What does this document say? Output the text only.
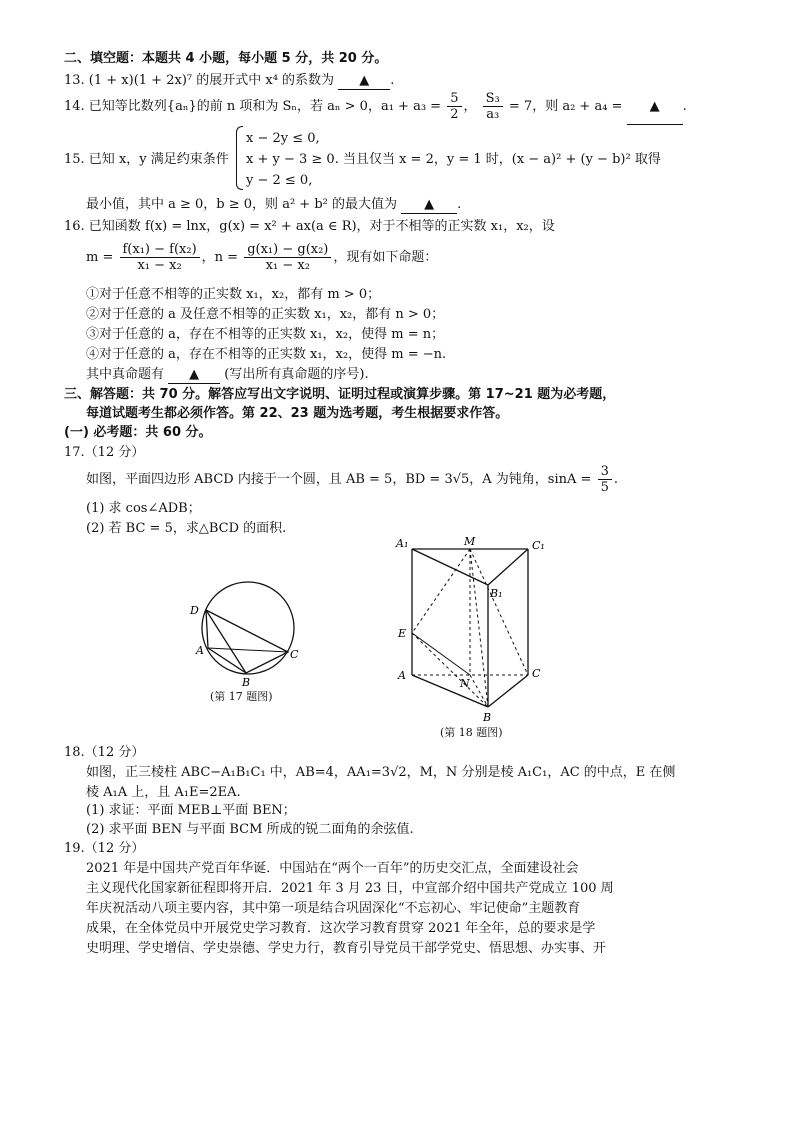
二、填空题：本题共 4 小题，每小题 5 分，共 20 分。
13. (1 + x)(1 + 2x)⁷ 的展开式中 x⁴ 的系数为 ▲ .
14. 已知等比数列{aₙ}的前 n 项和为 Sₙ，若 aₙ > 0，$a_1 + a_3 = \frac{5}{2}$ ， $\frac{\text{S₃}}{\text{a₃}} = 7$，则 a₂ + a₄ = ▲ .
x − 2y ≤ 0,
15. 已知 x，y 满足约束条件 x + y − 3 ≥ 0. 当且仅当 x = 2，y = 1 时，(x − a)² + (y − b)² 取得
y − 2 ≤ 0,
最小值，其中 a ≥ 0，b ≥ 0，则 a² + b² 的最大值为 ▲ .
16. 已知函数 f(x) = lnx，g(x) = x² + ax(a ∈ R)，对于不相等的正实数 x₁，x₂，设
$m = \frac{\text{f(x₁) − f(x₂)}}{\text{x₁ − x₂}}$ ，$n = \frac{\text{g(x₁) − g(x₂)}}{\text{x₁ − x₂}}$ ，现有如下命题：
①对于任意不相等的正实数 x₁，x₂，都有 m > 0；
②对于任意的 a 及任意不相等的正实数 x₁，x₂，都有 n > 0；
③对于任意的 a，存在不相等的正实数 x₁，x₂，使得 m = n；
④对于任意的 a，存在不相等的正实数 x₁，x₂，使得 m = −n.
其中真命题有 ▲ (写出所有真命题的序号).
三、解答题：共 70 分。解答应写出文字说明、证明过程或演算步骤。第 17~21 题为必考题，
每道试题考生都必须作答。第 22、23 题为选考题，考生根据要求作答。
(一) 必考题：共 60 分。
17.（12 分）
如图，平面四边形 ABCD 内接于一个圆，且 AB = 5，BD = 3√5，A 为钝角，$\sin A = \frac{3}{5}$ .
(1) 求 cos∠ADB；
(2) 若 BC = 5，求△BCD 的面积.
D
A
B
C
(第 17 题图)
A₁	M	C₁
B₁
E
A
N
C
B
(第 18 题图)
18.（12 分）
如图，正三棱柱 ABC−A₁B₁C₁ 中，AB=4，AA₁=3√2，M，N 分别是棱 A₁C₁，AC 的中点，E 在侧
棱 A₁A 上，且 A₁E=2EA.
(1) 求证：平面 MEB⊥平面 BEN；
(2) 求平面 BEN 与平面 BCM 所成的锐二面角的余弦值.
19.（12 分）
2021 年是中国共产党百年华诞．中国站在“两个一百年”的历史交汇点，全面建设社会
主义现代化国家新征程即将开启．2021 年 3 月 23 日，中宣部介绍中国共产党成立 100 周
年庆祝活动八项主要内容，其中第一项是结合巩固深化“不忘初心、牢记使命”主题教育
成果，在全体党员中开展党史学习教育．这次学习教育贯穿 2021 年全年，总的要求是学
史明理、学史增信、学史崇德、学史力行，教育引导党员干部学党史、悟思想、办实事、开
